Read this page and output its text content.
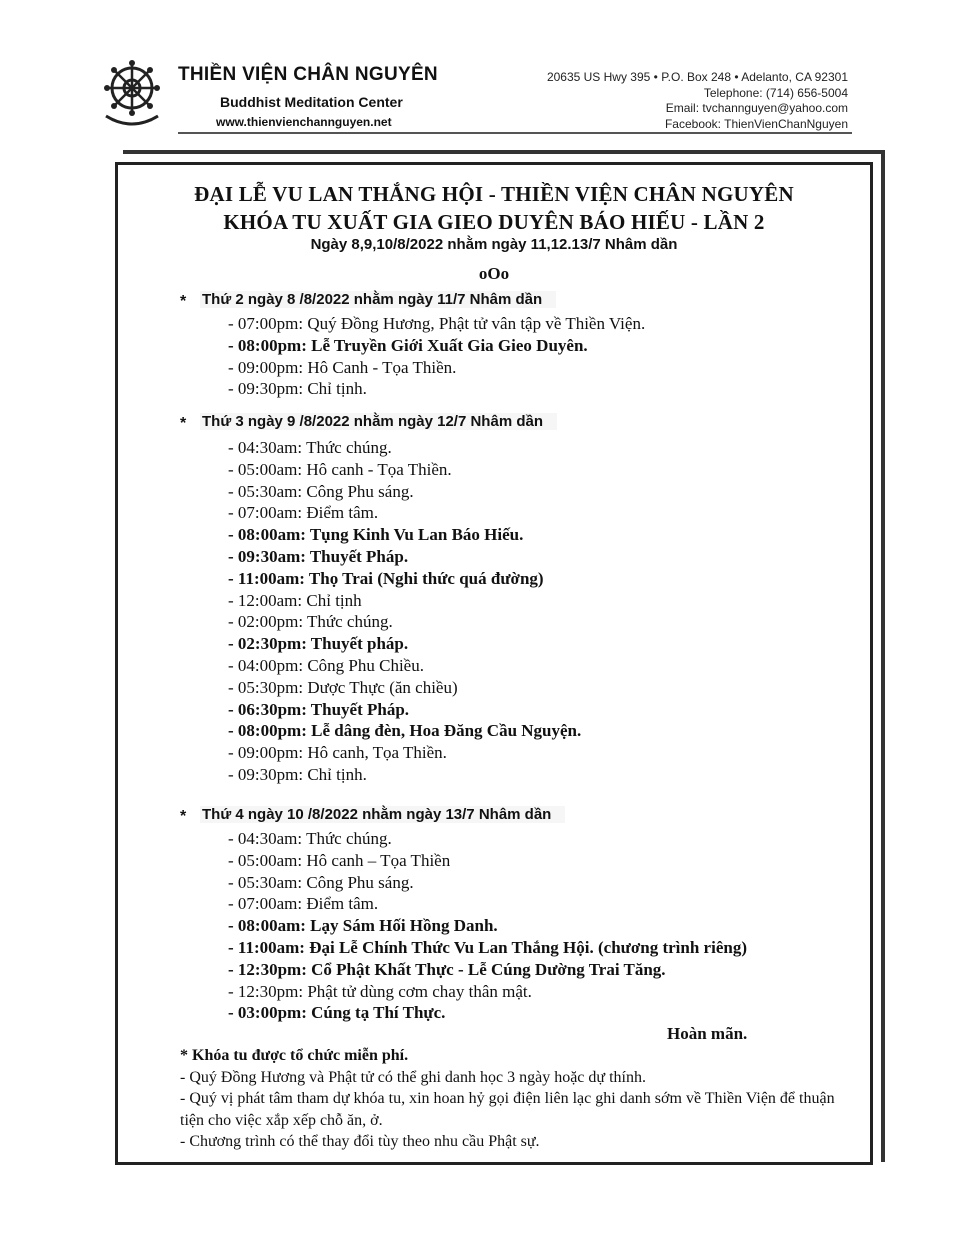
THIỀN VIỆN CHÂN NGUYÊN
Buddhist Meditation Center
www.thienvienchannguyen.net
20635 US Hwy 395 • P.O. Box 248 • Adelanto, CA 92301
Telephone: (714) 656-5004
Email: tvchannguyen@yahoo.com
Facebook: ThienVienChanNguyen
ĐẠI LỄ VU LAN THẮNG HỘI - THIỀN VIỆN CHÂN NGUYÊN
KHÓA TU XUẤT GIA GIEO DUYÊN BÁO HIẾU - LẦN 2
Ngày 8,9,10/8/2022 nhằm ngày 11,12.13/7 Nhâm dần
oOo
* Thứ 2 ngày 8 /8/2022 nhằm ngày 11/7 Nhâm dần
- 07:00pm: Quý Đồng Hương, Phật tử vân tập về Thiền Viện.
- 08:00pm: Lễ Truyền Giới Xuất Gia Gieo Duyên.
- 09:00pm: Hô Canh - Tọa Thiền.
- 09:30pm: Chỉ tịnh.
* Thứ 3 ngày 9 /8/2022 nhằm ngày 12/7 Nhâm dần
- 04:30am: Thức chúng.
- 05:00am: Hô canh - Tọa Thiền.
- 05:30am: Công Phu sáng.
- 07:00am: Điểm tâm.
- 08:00am: Tụng Kinh Vu Lan Báo Hiếu.
- 09:30am: Thuyết Pháp.
- 11:00am: Thọ Trai (Nghi thức quá đường)
- 12:00am: Chỉ tịnh
- 02:00pm: Thức chúng.
- 02:30pm: Thuyết pháp.
- 04:00pm: Công Phu Chiều.
- 05:30pm: Dược Thực (ăn chiều)
- 06:30pm: Thuyết Pháp.
- 08:00pm: Lễ dâng đèn, Hoa Đăng Cầu Nguyện.
- 09:00pm: Hô canh, Tọa Thiền.
- 09:30pm: Chỉ tịnh.
* Thứ 4 ngày 10 /8/2022 nhằm ngày 13/7 Nhâm dần
- 04:30am: Thức chúng.
- 05:00am: Hô canh – Tọa Thiền
- 05:30am: Công Phu sáng.
- 07:00am: Điểm tâm.
- 08:00am: Lạy Sám Hối Hồng Danh.
- 11:00am: Đại Lễ Chính Thức Vu Lan Thắng Hội. (chương trình riêng)
- 12:30pm: Cổ Phật Khất Thực - Lễ Cúng Dường Trai Tăng.
- 12:30pm: Phật tử dùng cơm chay thân mật.
- 03:00pm: Cúng tạ Thí Thực.
Hoàn mãn.
* Khóa tu được tổ chức miễn phí.
- Quý Đồng Hương và Phật tử có thể ghi danh học 3 ngày hoặc dự thính.
- Quý vị phát tâm tham dự khóa tu, xin hoan hỷ gọi điện liên lạc ghi danh sớm về Thiền Viện để thuận tiện cho việc xắp xếp chỗ ăn, ở.
- Chương trình có thể thay đổi tùy theo nhu cầu Phật sự.
